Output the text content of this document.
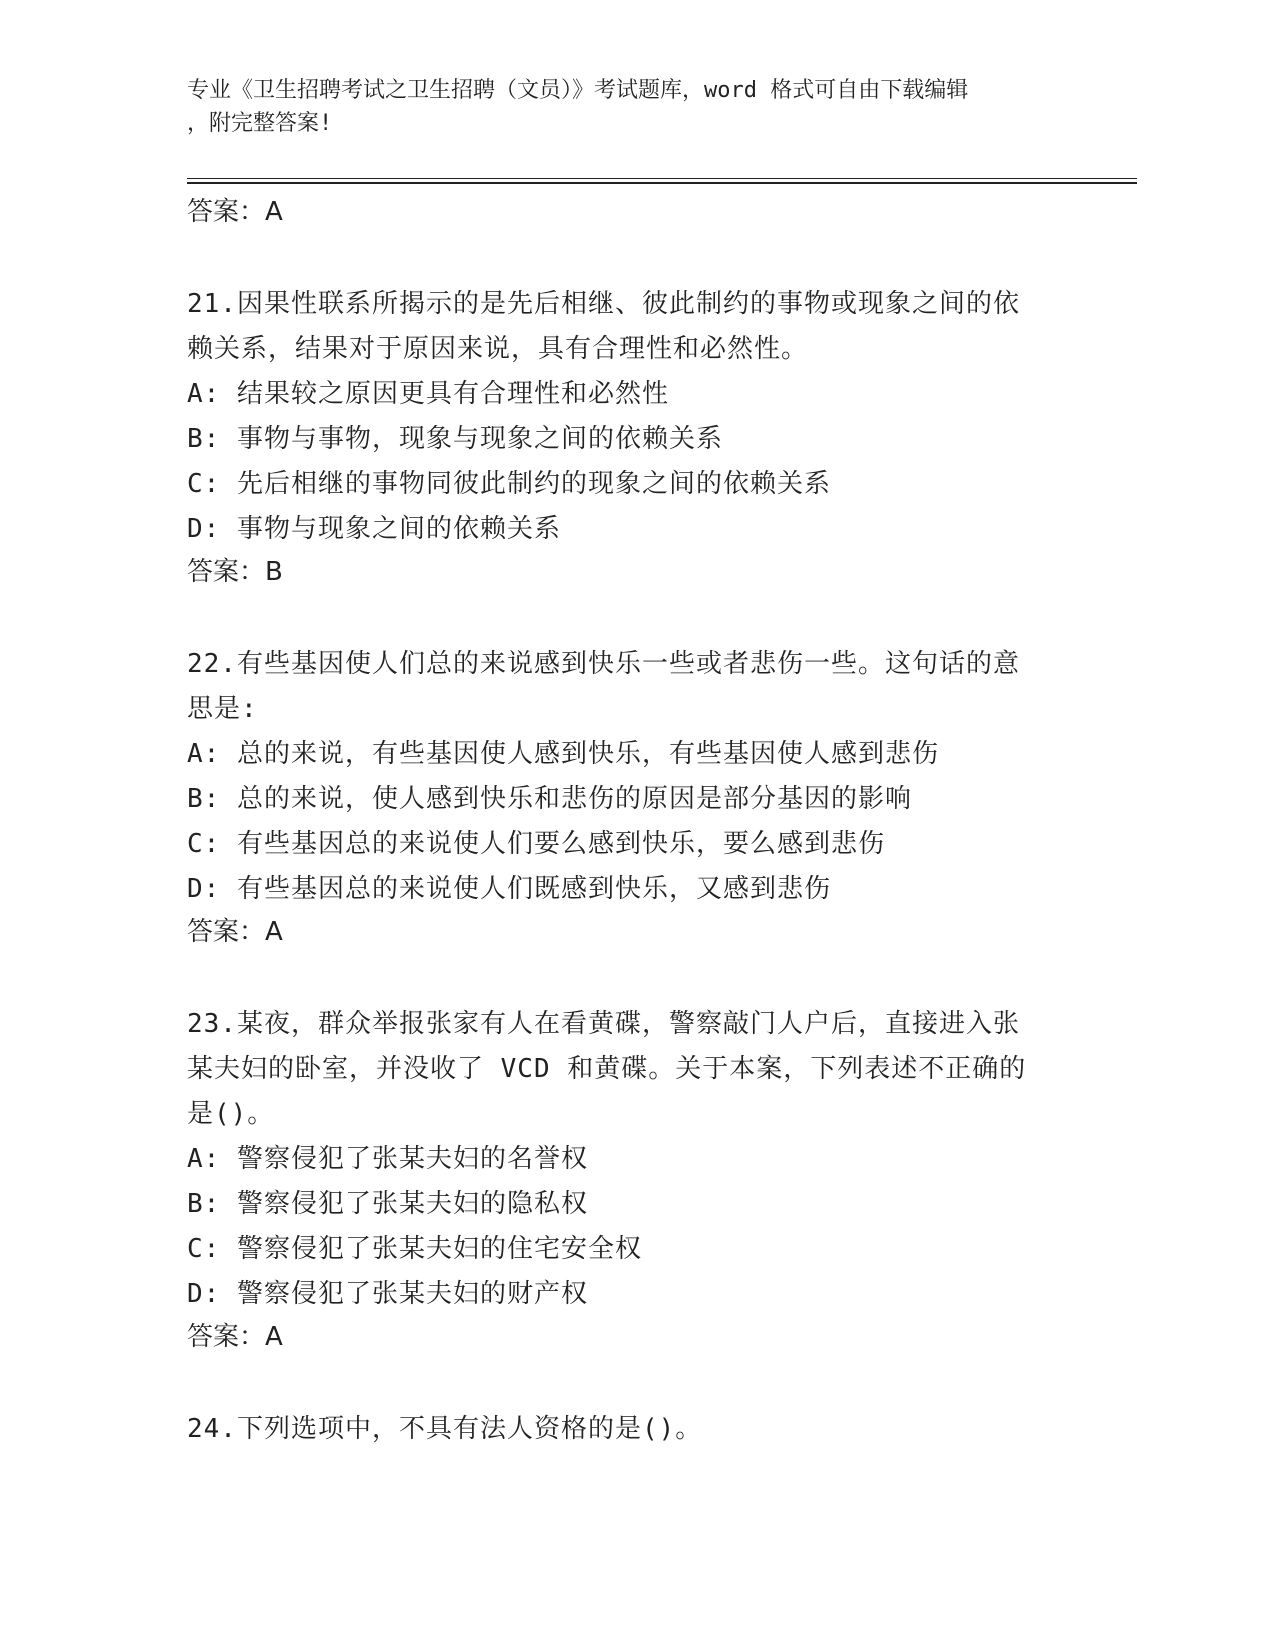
专业《卫生招聘考试之卫生招聘（文员）》考试题库，word 格式可自由下载编辑
，附完整答案!

答案：A

21.因果性联系所揭示的是先后相继、彼此制约的事物或现象之间的依

赖关系，结果对于原因来说，具有合理性和必然性。

A: 结果较之原因更具有合理性和必然性

B: 事物与事物，现象与现象之间的依赖关系

C: 先后相继的事物同彼此制约的现象之间的依赖关系

D: 事物与现象之间的依赖关系

答案：B

22.有些基因使人们总的来说感到快乐一些或者悲伤一些。这句话的意

思是:

A: 总的来说，有些基因使人感到快乐，有些基因使人感到悲伤

B: 总的来说，使人感到快乐和悲伤的原因是部分基因的影响

C: 有些基因总的来说使人们要么感到快乐，要么感到悲伤

D: 有些基因总的来说使人们既感到快乐，又感到悲伤

答案：A

23.某夜，群众举报张家有人在看黄碟，警察敲门人户后，直接进入张

某夫妇的卧室，并没收了 VCD 和黄碟。关于本案，下列表述不正确的

是()。

A: 警察侵犯了张某夫妇的名誉权

B: 警察侵犯了张某夫妇的隐私权

C: 警察侵犯了张某夫妇的住宅安全权

D: 警察侵犯了张某夫妇的财产权

答案：A

24.下列选项中，不具有法人资格的是()。
